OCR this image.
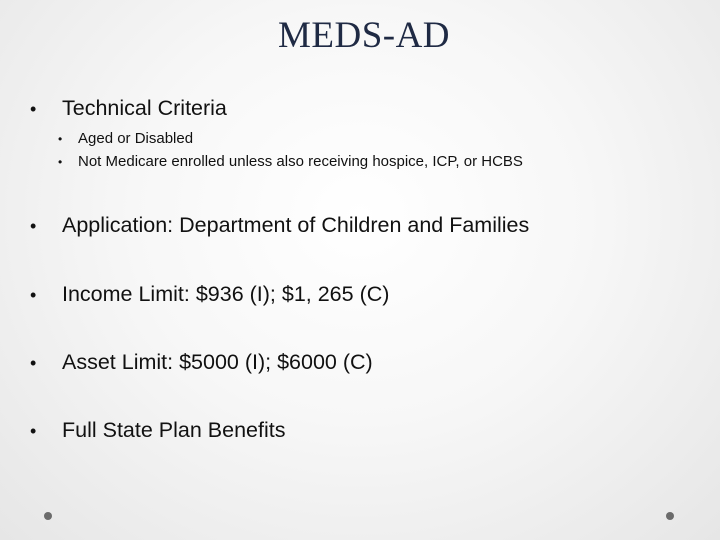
MEDS-AD
•	Technical Criteria
•	Aged or Disabled
•	Not Medicare enrolled unless also receiving hospice, ICP, or HCBS
•	Application: Department of Children and Families
•	Income Limit: $936 (I); $1, 265 (C)
•	Asset Limit: $5000 (I); $6000 (C)
•	Full State Plan Benefits
